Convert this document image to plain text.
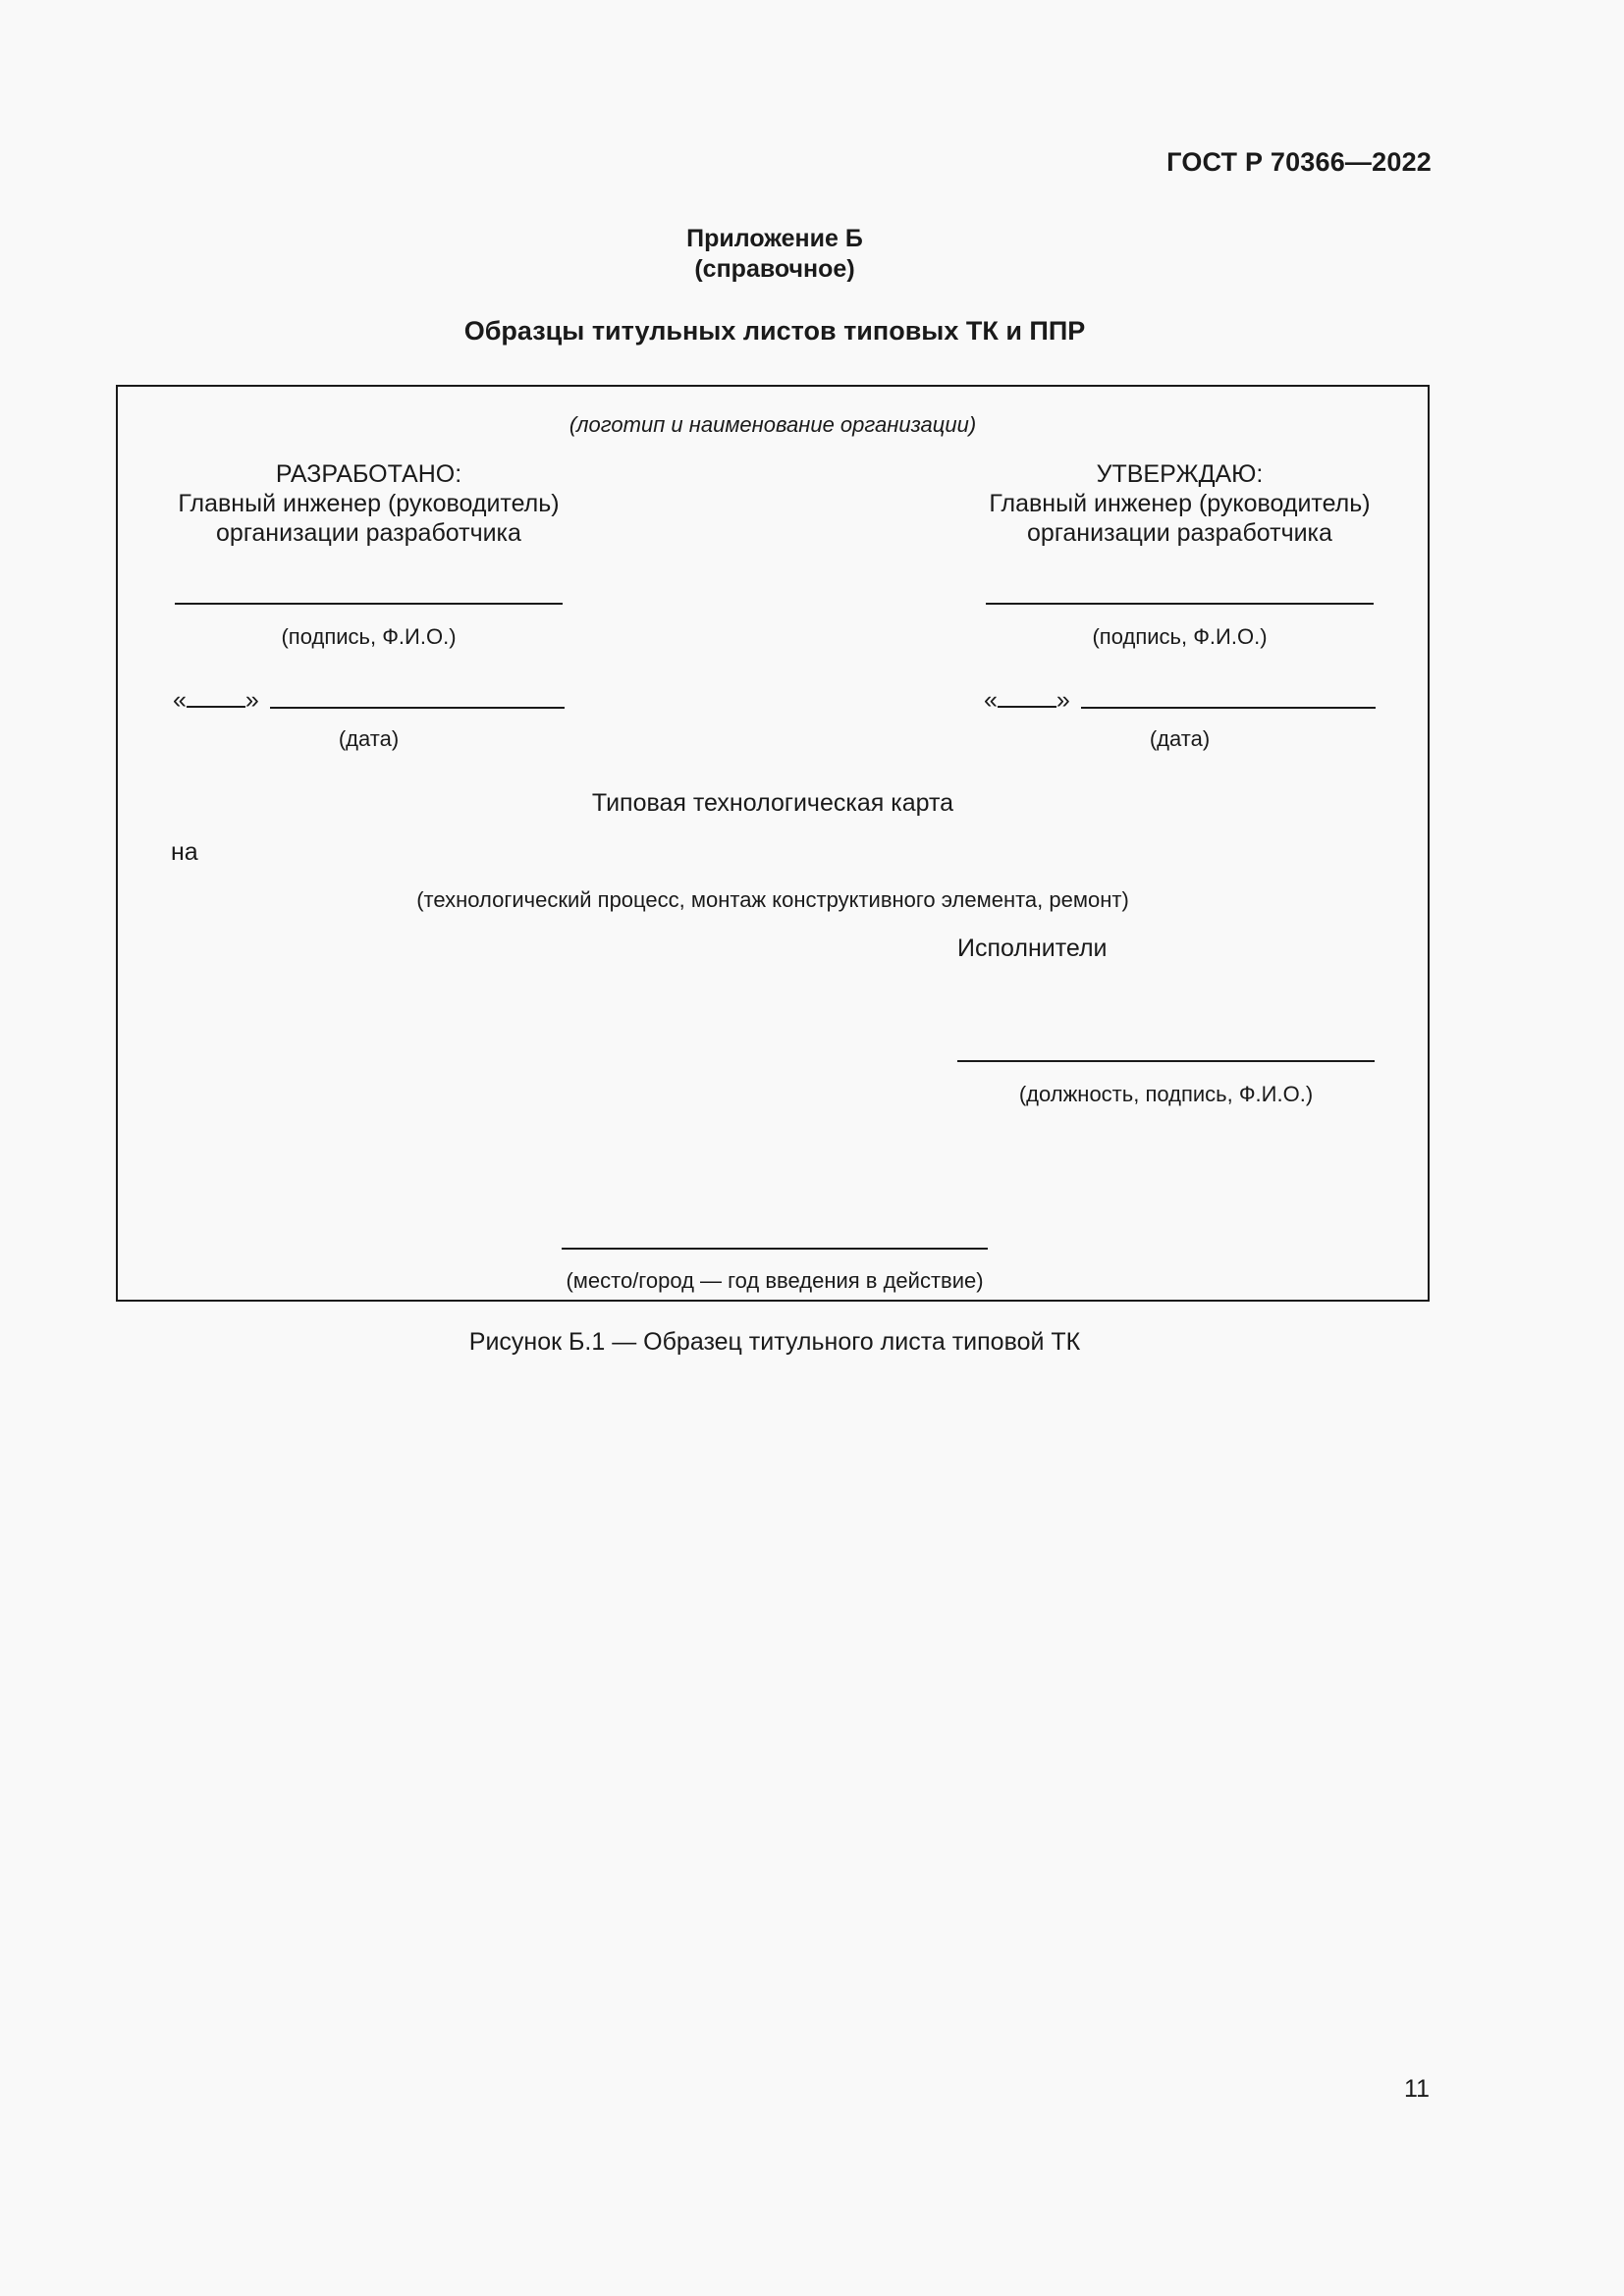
ГОСТ Р 70366—2022
Приложение Б
(справочное)
Образцы титульных листов типовых ТК и ППР
(логотип и наименование организации)
РАЗРАБОТАНО:
Главный инженер (руководитель)
организации разработчика
(подпись, Ф.И.О.)
« »
(дата)
УТВЕРЖДАЮ:
Главный инженер (руководитель)
организации разработчика
(подпись, Ф.И.О.)
« »
(дата)
Типовая технологическая карта
на
(технологический процесс, монтаж конструктивного элемента, ремонт)
Исполнители
(должность, подпись, Ф.И.О.)
(место/город — год введения в действие)
Рисунок Б.1 — Образец титульного листа типовой ТК
11
